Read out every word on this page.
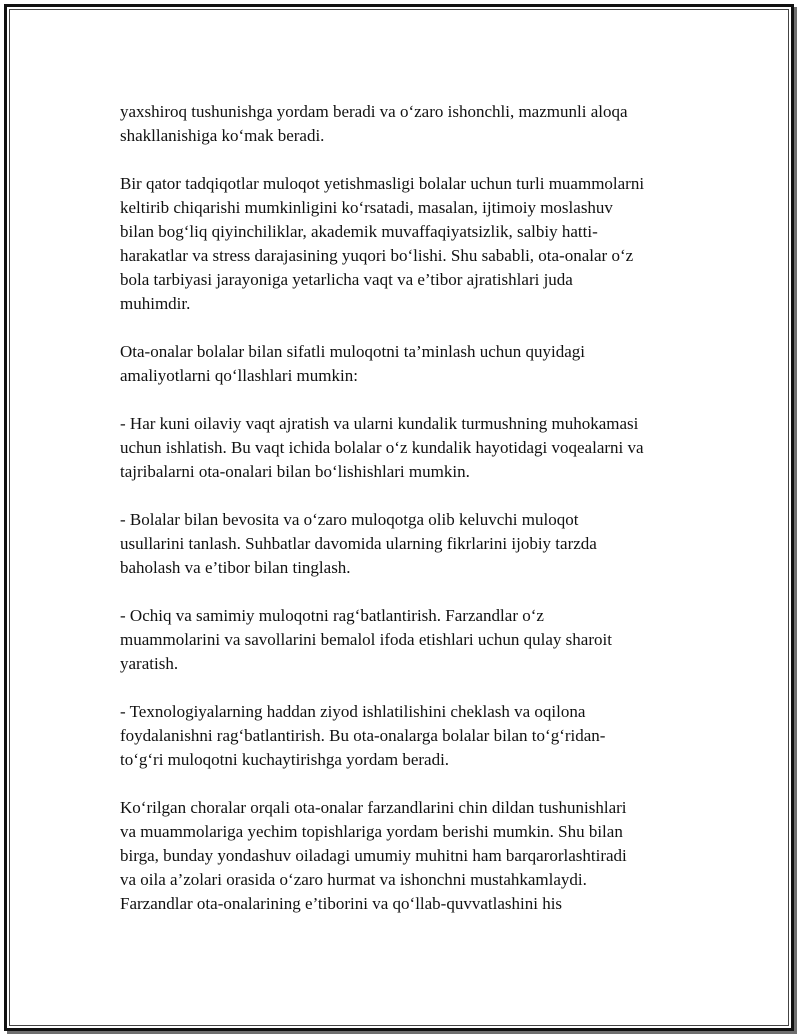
yaxshiroq tushunishga yordam beradi va o‘zaro ishonchli, mazmunli aloqa
shakllanishiga ko‘mak beradi.

Bir qator tadqiqotlar muloqot yetishmasligi bolalar uchun turli muammolarni
keltirib chiqarishi mumkinligini ko‘rsatadi, masalan, ijtimoiy moslashuv
bilan bog‘liq qiyinchiliklar, akademik muvaffaqiyatsizlik, salbiy hatti-
harakatlar va stress darajasining yuqori bo‘lishi. Shu sababli, ota-onalar o‘z
bola tarbiyasi jarayoniga yetarlicha vaqt va e’tibor ajratishlari juda
muhimdir.

Ota-onalar bolalar bilan sifatli muloqotni ta’minlash uchun quyidagi
amaliyotlarni qo‘llashlari mumkin:

- Har kuni oilaviy vaqt ajratish va ularni kundalik turmushning muhokamasi
uchun ishlatish. Bu vaqt ichida bolalar o‘z kundalik hayotidagi voqealarni va
tajribalarni ota-onalari bilan bo‘lishishlari mumkin.

- Bolalar bilan bevosita va o‘zaro muloqotga olib keluvchi muloqot
usullarini tanlash. Suhbatlar davomida ularning fikrlarini ijobiy tarzda
baholash va e’tibor bilan tinglash.

- Ochiq va samimiy muloqotni rag‘batlantirish. Farzandlar o‘z
muammolarini va savollarini bemalol ifoda etishlari uchun qulay sharoit
yaratish.

- Texnologiyalarning haddan ziyod ishlatilishini cheklash va oqilona
foydalanishni rag‘batlantirish. Bu ota-onalarga bolalar bilan to‘g‘ridan-
to‘g‘ri muloqotni kuchaytirishga yordam beradi.

Ko‘rilgan choralar orqali ota-onalar farzandlarini chin dildan tushunishlari
va muammolariga yechim topishlariga yordam berishi mumkin. Shu bilan
birga, bunday yondashuv oiladagi umumiy muhitni ham barqarorlashtiradi
va oila a’zolari orasida o‘zaro hurmat va ishonchni mustahkamlaydi.
Farzandlar ota-onalarining e’tiborini va qo‘llab-quvvatlashini his
